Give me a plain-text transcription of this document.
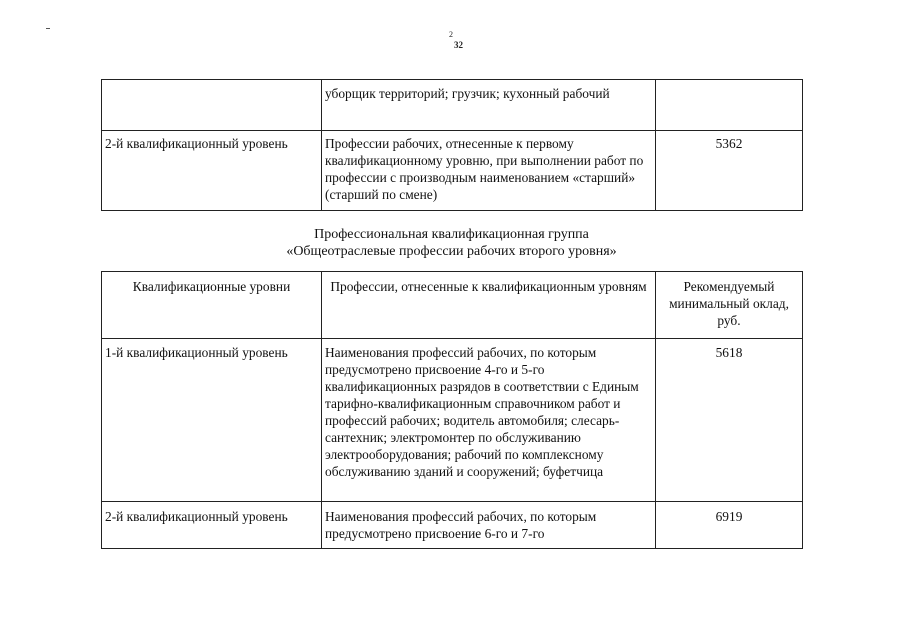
2
32
	уборщик территорий; грузчик; кухонный рабочий	
2-й квалификационный уровень	Профессии рабочих, отнесенные к первому квалификационному уровню, при выполнении работ по профессии с производным наименованием «старший» (старший по смене)	5362
Профессиональная квалификационная группа
«Общеотраслевые профессии рабочих второго уровня»
Квалификационные уровни	Профессии, отнесенные к квалификационным уровням	Рекомендуемый минимальный оклад, руб.
1-й квалификационный уровень	Наименования профессий рабочих, по которым предусмотрено присвоение 4-го и 5-го квалификационных разрядов в соответствии с Единым тарифно-квалификационным справочником работ и профессий рабочих; водитель автомобиля; слесарь-сантехник; электромонтер по обслуживанию электрооборудования; рабочий по комплексному обслуживанию зданий и сооружений; буфетчица	5618
2-й квалификационный уровень	Наименования профессий рабочих, по которым предусмотрено присвоение 6-го и 7-го	6919
